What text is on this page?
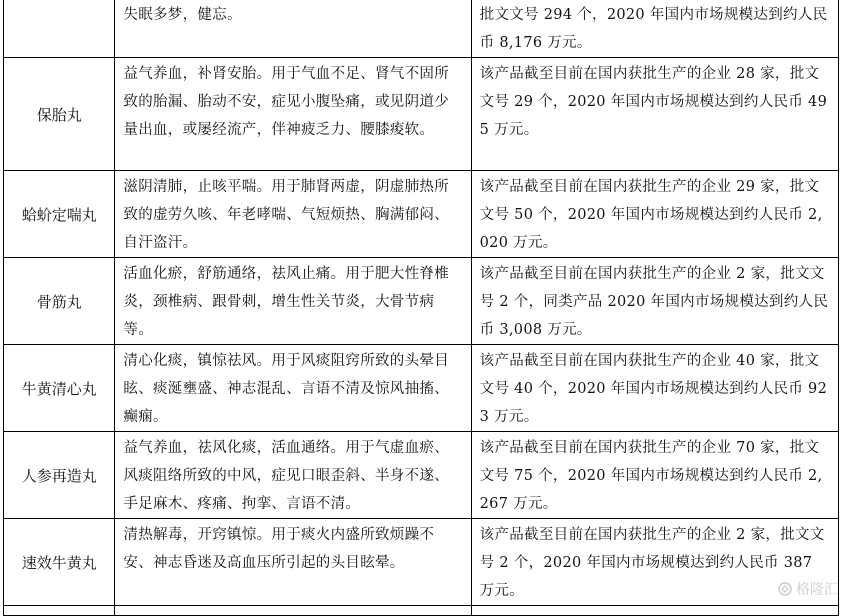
	失眠多梦，健忘。	批文文号 294 个，2020 年国内市场规模达到约人民币 8,176 万元。

保胎丸	益气养血，补肾安胎。用于气血不足、肾气不固所致的胎漏、胎动不安，症见小腹坠痛，或见阴道少量出血，或屡经流产，伴神疲乏力、腰膝痠软。	该产品截至目前在国内获批生产的企业 28 家，批文文号 29 个，2020 年国内市场规模达到约人民币 495 万元。

蛤蚧定喘丸	滋阴清肺，止咳平喘。用于肺肾两虚，阴虚肺热所致的虚劳久咳、年老哮喘、气短烦热、胸满郁闷、自汗盗汗。	该产品截至目前在国内获批生产的企业 29 家，批文文号 50 个，2020 年国内市场规模达到约人民币 2,020 万元。

骨筋丸	活血化瘀，舒筋通络，祛风止痛。用于肥大性脊椎炎，颈椎病、跟骨刺，增生性关节炎，大骨节病等。	该产品截至目前在国内获批生产的企业 2 家，批文文号 2 个，同类产品 2020 年国内市场规模达到约人民币 3,008 万元。

牛黄清心丸	清心化痰，镇惊祛风。用于风痰阻窍所致的头晕目眩、痰涎壅盛、神志混乱、言语不清及惊风抽搐、癫痫。	该产品截至目前在国内获批生产的企业 40 家，批文文号 40 个，2020 年国内市场规模达到约人民币 923 万元。

人参再造丸	益气养血，祛风化痰，活血通络。用于气虚血瘀、风痰阻络所致的中风，症见口眼歪斜、半身不遂、手足麻木、疼痛、拘挛、言语不清。	该产品截至目前在国内获批生产的企业 70 家，批文文号 75 个，2020 年国内市场规模达到约人民币 2,267 万元。

速效牛黄丸	清热解毒，开窍镇惊。用于痰火内盛所致烦躁不安、神志昏迷及高血压所引起的头目眩晕。	该产品截至目前在国内获批生产的企业 2 家，批文文号 2 个，2020 年国内市场规模达到约人民币 387 万元。

			格隆汇
